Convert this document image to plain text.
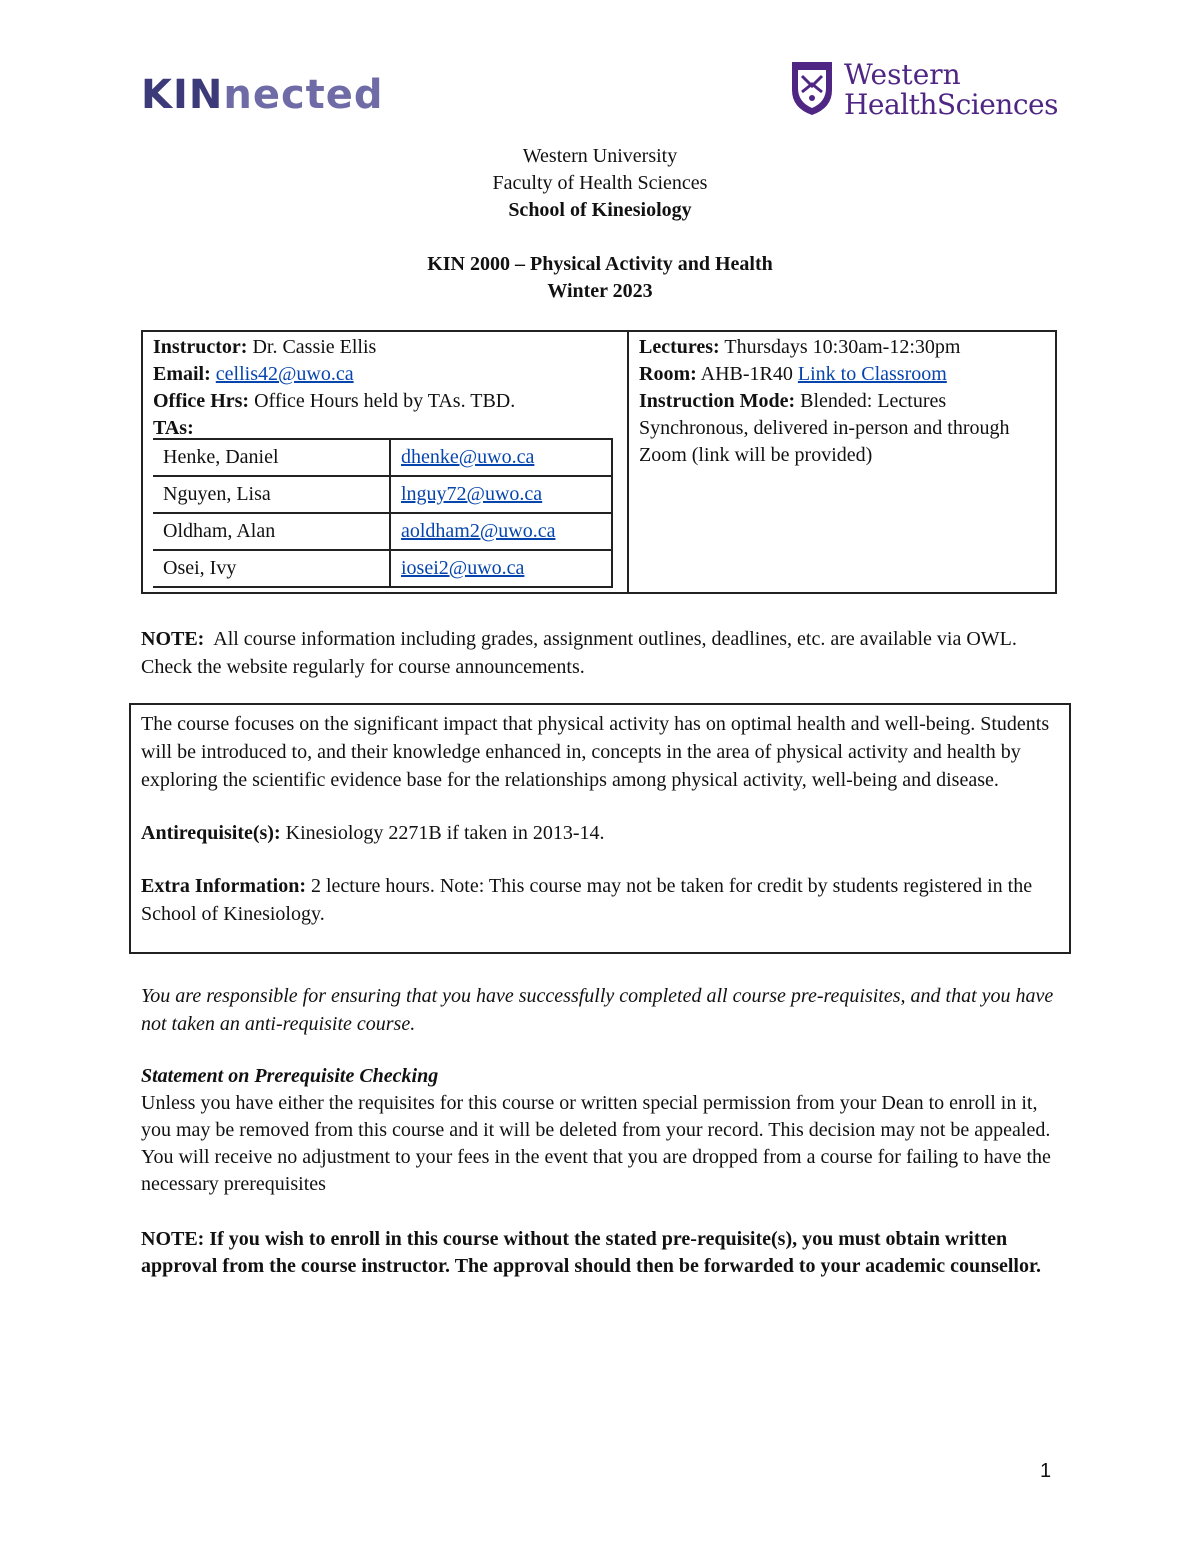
KINnected	Western
HealthSciences
Western University
Faculty of Health Sciences
School of Kinesiology
KIN 2000 – Physical Activity and Health
Winter 2023
Instructor: Dr. Cassie Ellis
Email: cellis42@uwo.ca
Office Hrs: Office Hours held by TAs. TBD.
TAs:
Henke, Daniel	dhenke@uwo.ca
Nguyen, Lisa	lnguy72@uwo.ca
Oldham, Alan	aoldham2@uwo.ca
Osei, Ivy	iosei2@uwo.ca
Lectures: Thursdays 10:30am-12:30pm
Room: AHB-1R40 Link to Classroom
Instruction Mode: Blended: Lectures Synchronous, delivered in-person and through Zoom (link will be provided)
NOTE: All course information including grades, assignment outlines, deadlines, etc. are available via OWL. Check the website regularly for course announcements.

The course focuses on the significant impact that physical activity has on optimal health and well-being. Students will be introduced to, and their knowledge enhanced in, concepts in the area of physical activity and health by exploring the scientific evidence base for the relationships among physical activity, well-being and disease.

Antirequisite(s): Kinesiology 2271B if taken in 2013-14.

Extra Information: 2 lecture hours. Note: This course may not be taken for credit by students registered in the School of Kinesiology.

You are responsible for ensuring that you have successfully completed all course pre-requisites, and that you have not taken an anti-requisite course.
Statement on Prerequisite Checking
Unless you have either the requisites for this course or written special permission from your Dean to enroll in it, you may be removed from this course and it will be deleted from your record. This decision may not be appealed. You will receive no adjustment to your fees in the event that you are dropped from a course for failing to have the necessary prerequisites
NOTE: If you wish to enroll in this course without the stated pre-requisite(s), you must obtain written approval from the course instructor. The approval should then be forwarded to your academic counsellor.
1
